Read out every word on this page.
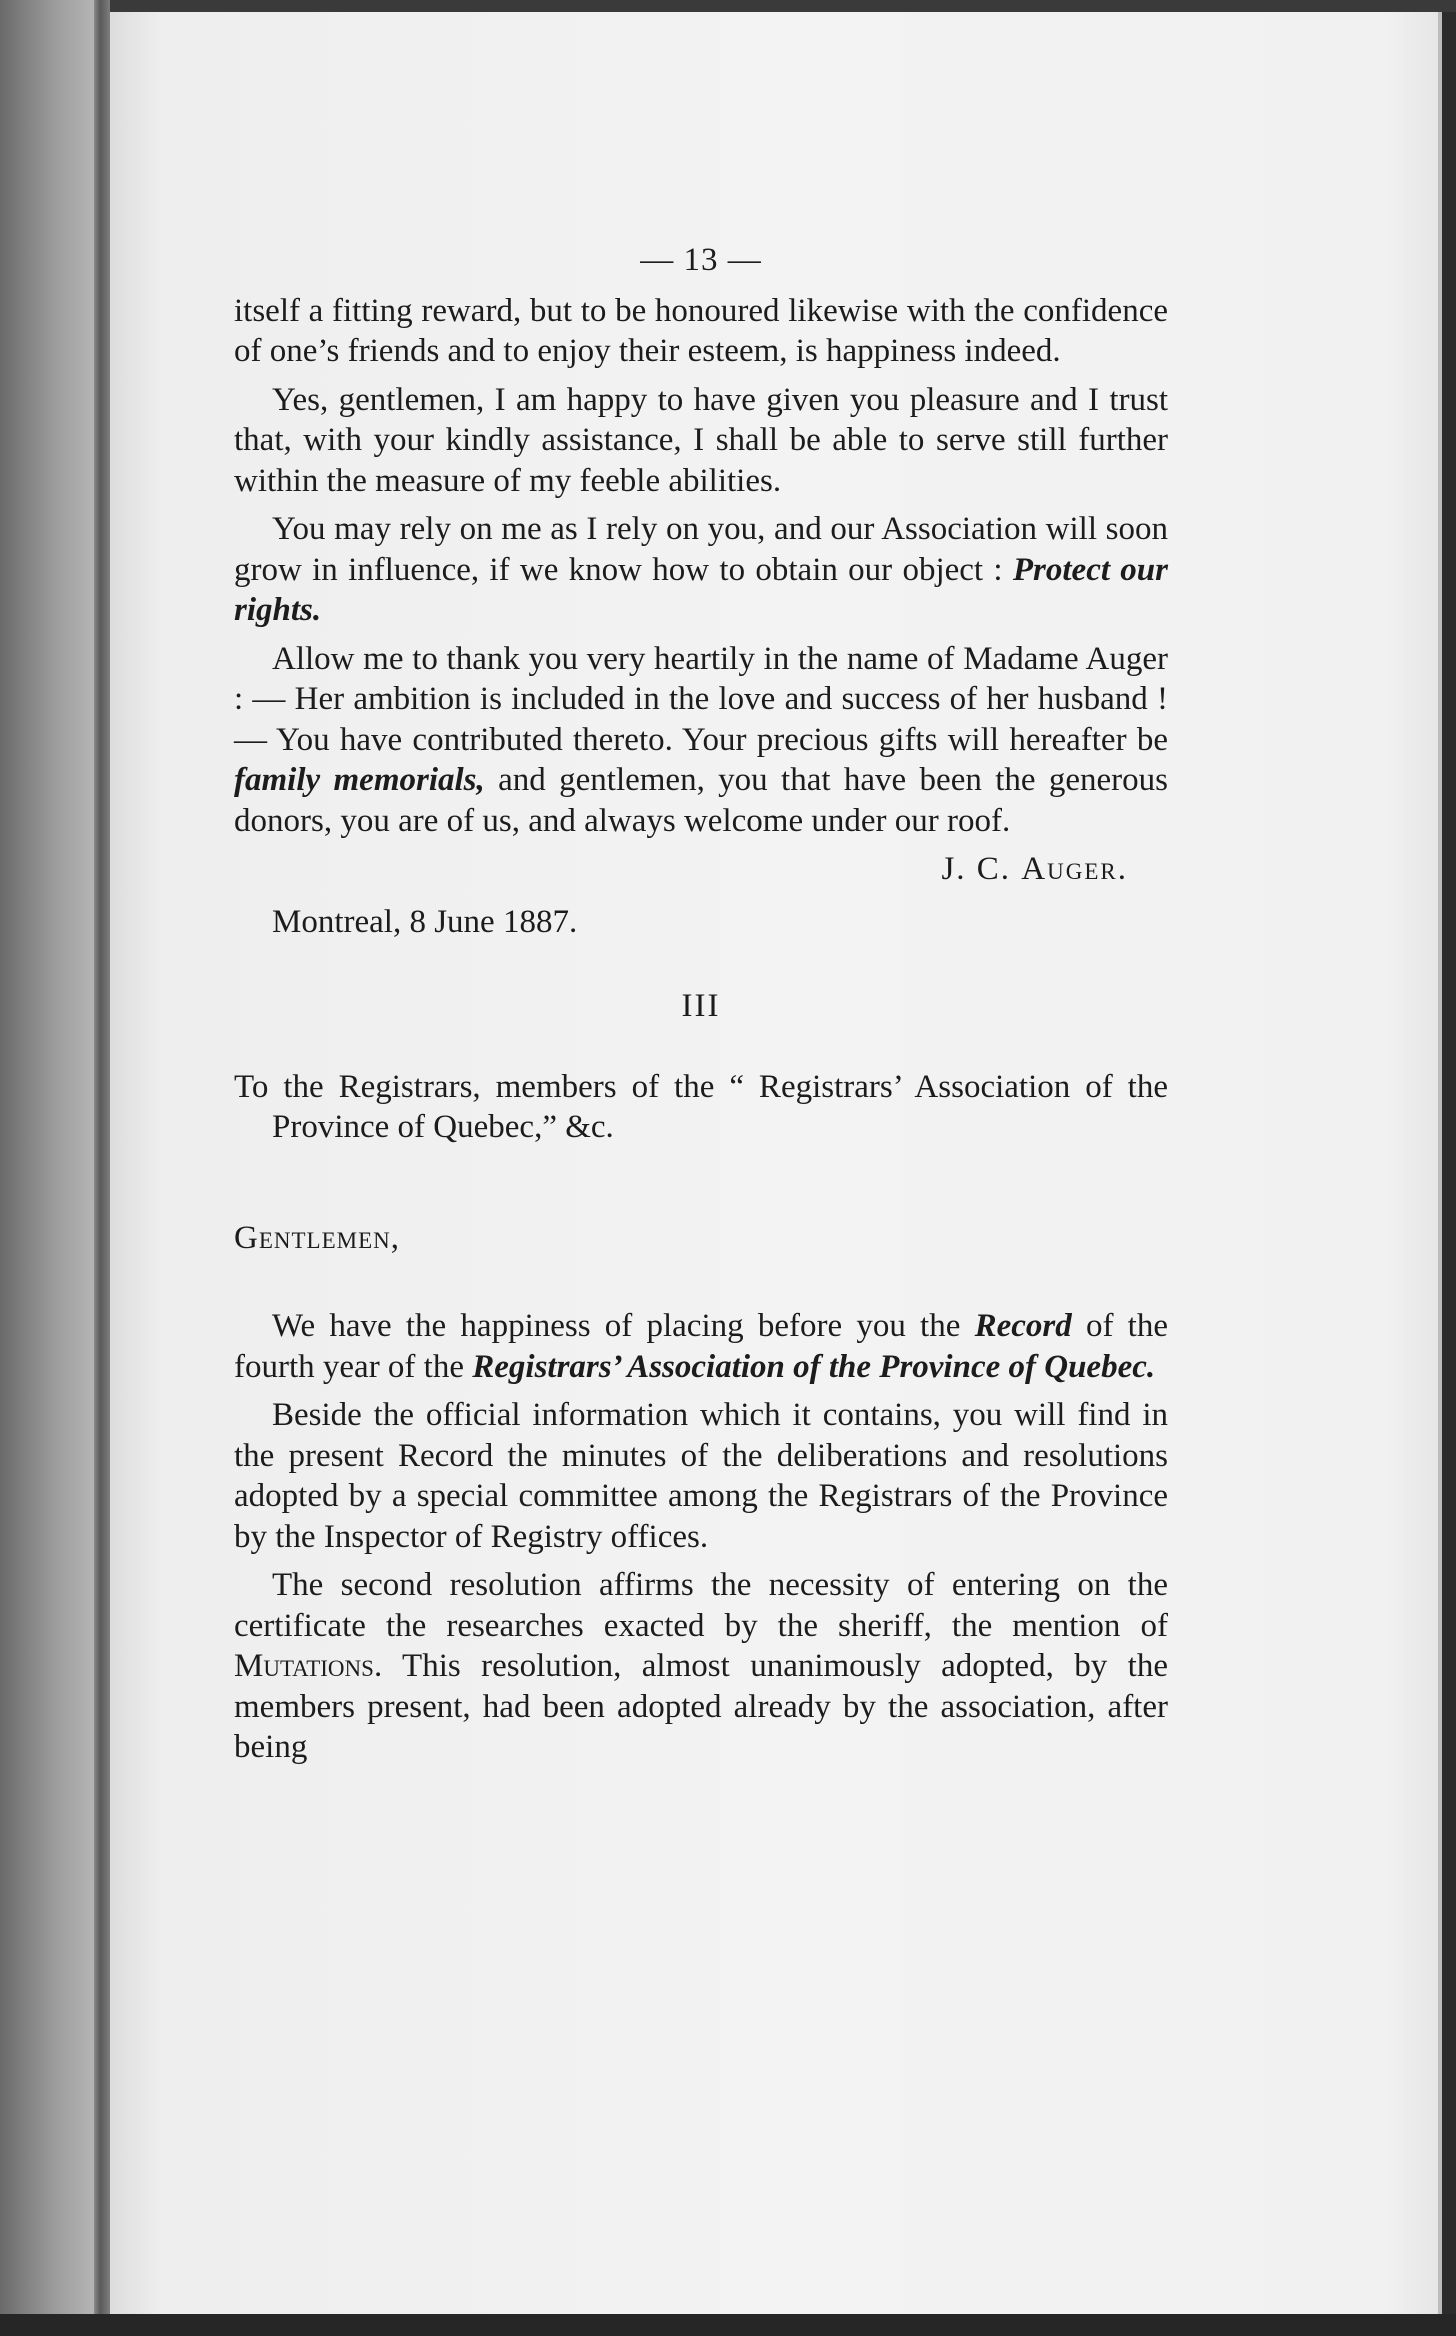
— 13 —

itself a fitting reward, but to be honoured likewise with the confidence of one’s friends and to enjoy their esteem, is happiness indeed.

Yes, gentlemen, I am happy to have given you pleasure and I trust that, with your kindly assistance, I shall be able to serve still further within the measure of my feeble abilities.

You may rely on me as I rely on you, and our Association will soon grow in influence, if we know how to obtain our object : Protect our rights.

Allow me to thank you very heartily in the name of Madame Auger : — Her ambition is included in the love and success of her husband ! — You have contributed thereto. Your precious gifts will hereafter be family memorials, and gentlemen, you that have been the generous donors, you are of us, and always welcome under our roof.

J. C. Auger.
Montreal, 8 June 1887.
III
To the Registrars, members of the “ Registrars’ Association of the Province of Quebec,” &c.
Gentlemen,

We have the happiness of placing before you the Record of the fourth year of the Registrars’ Association of the Province of Quebec.

Beside the official information which it contains, you will find in the present Record the minutes of the deliberations and resolutions adopted by a special committee among the Registrars of the Province by the Inspector of Registry offices.

The second resolution affirms the necessity of entering on the certificate the researches exacted by the sheriff, the mention of Mutations. This resolution, almost unanimously adopted, by the members present, had been adopted already by the association, after being
